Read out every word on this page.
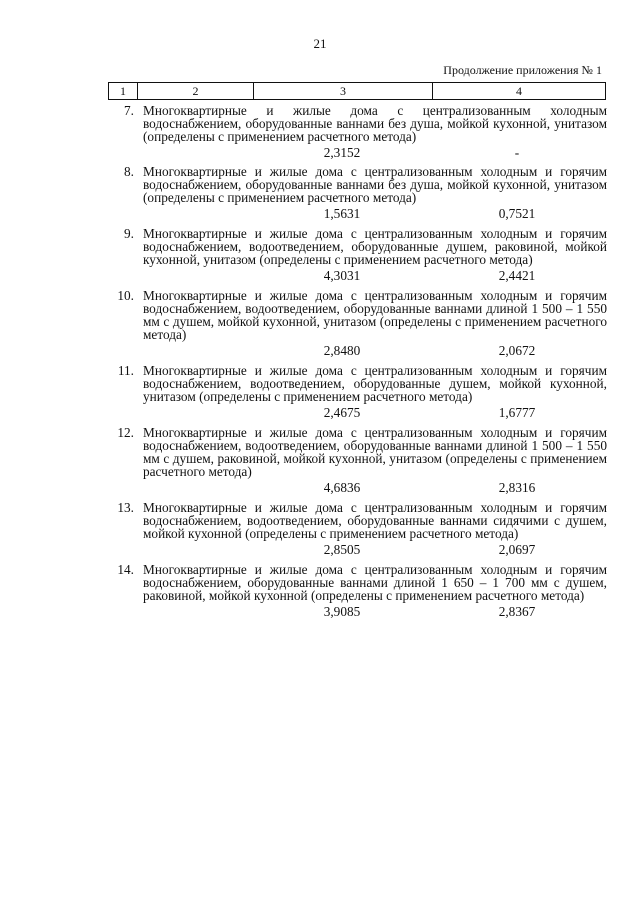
21
Продолжение приложения № 1
1	2	3	4
7. Многоквартирные и жилые дома с централизованным холодным водоснабжением, оборудованные ваннами без душа, мойкой кухонной, унитазом (определены с применением расчетного метода)
2,3152	-
8. Многоквартирные и жилые дома с централизованным холодным и горячим водоснабжением, оборудованные ваннами без душа, мойкой кухонной, унитазом (определены с применением расчетного метода)
1,5631	0,7521
9. Многоквартирные и жилые дома с централизованным холодным и горячим водоснабжением, водоотведением, оборудованные душем, раковиной, мойкой кухонной, унитазом (определены с применением расчетного метода)
4,3031	2,4421
10. Многоквартирные и жилые дома с централизованным холодным и горячим водоснабжением, водоотведением, оборудованные ваннами длиной 1 500 – 1 550 мм с душем, мойкой кухонной, унитазом (определены с применением расчетного метода)
2,8480	2,0672
11. Многоквартирные и жилые дома с централизованным холодным и горячим водоснабжением, водоотведением, оборудованные душем, мойкой кухонной, унитазом (определены с применением расчетного метода)
2,4675	1,6777
12. Многоквартирные и жилые дома с централизованным холодным и горячим водоснабжением, водоотведением, оборудованные ваннами длиной 1 500 – 1 550 мм с душем, раковиной, мойкой кухонной, унитазом (определены с применением расчетного метода)
4,6836	2,8316
13. Многоквартирные и жилые дома с централизованным холодным и горячим водоснабжением, водоотведением, оборудованные ваннами сидячими с душем, мойкой кухонной (определены с применением расчетного метода)
2,8505	2,0697
14. Многоквартирные и жилые дома с централизованным холодным и горячим водоснабжением, оборудованные ваннами длиной 1 650 – 1 700 мм с душем, раковиной, мойкой кухонной (определены с применением расчетного метода)
3,9085	2,8367
